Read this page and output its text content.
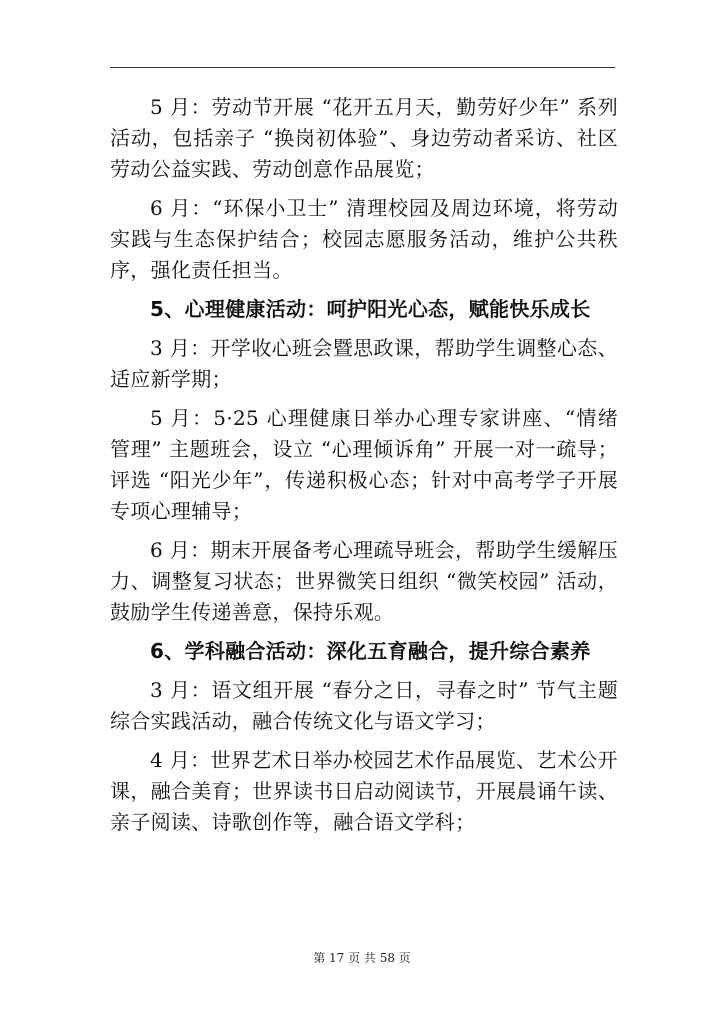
5 月：劳动节开展 “花开五月天，勤劳好少年” 系列活动，包括亲子 “换岗初体验”、身边劳动者采访、社区劳动公益实践、劳动创意作品展览；

6 月：“环保小卫士” 清理校园及周边环境，将劳动实践与生态保护结合；校园志愿服务活动，维护公共秩序，强化责任担当。

5、心理健康活动：呵护阳光心态，赋能快乐成长

3 月：开学收心班会暨思政课，帮助学生调整心态、适应新学期；

5 月：5·25 心理健康日举办心理专家讲座、“情绪管理” 主题班会，设立 “心理倾诉角” 开展一对一疏导；评选 “阳光少年”，传递积极心态；针对中高考学子开展专项心理辅导；

6 月：期末开展备考心理疏导班会，帮助学生缓解压力、调整复习状态；世界微笑日组织 “微笑校园” 活动，鼓励学生传递善意，保持乐观。

6、学科融合活动：深化五育融合，提升综合素养

3 月：语文组开展 “春分之日，寻春之时” 节气主题综合实践活动，融合传统文化与语文学习；

4 月：世界艺术日举办校园艺术作品展览、艺术公开课，融合美育；世界读书日启动阅读节，开展晨诵午读、亲子阅读、诗歌创作等，融合语文学科；

第 17 页 共 58 页
